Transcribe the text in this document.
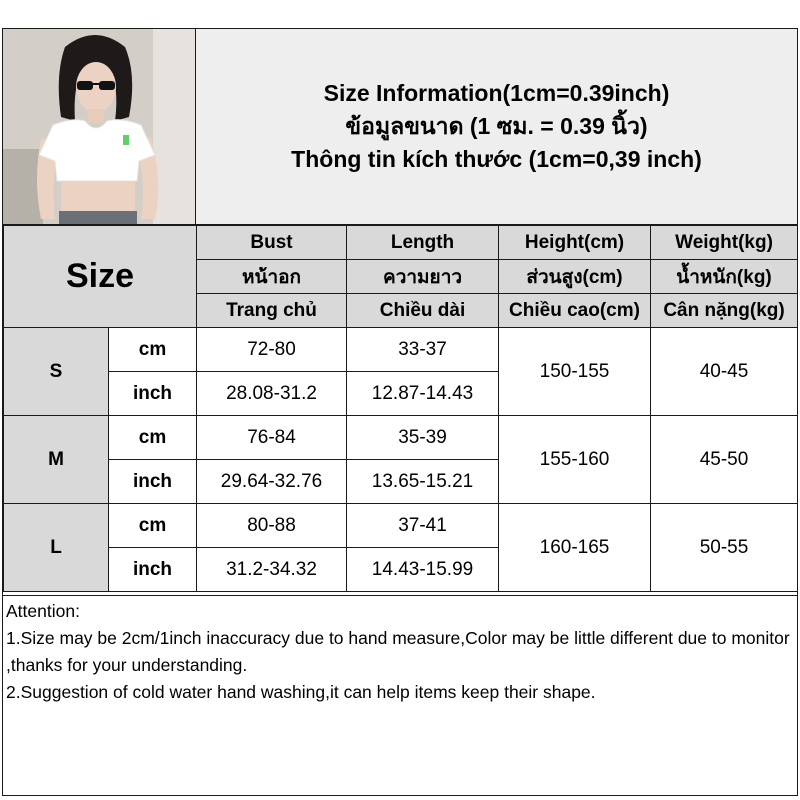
Size Information(1cm=0.39inch)
ข้อมูลขนาด (1 ซม. = 0.39 นิ้ว)
Thông tin kích thước (1cm=0,39 inch)
Size		Bust	Length	Height(cm)	Weight(kg)
		หน้าอก	ความยาว	ส่วนสูง(cm)	น้ำหนัก(kg)
		Trang chủ	Chiều dài	Chiều cao(cm)	Cân nặng(kg)
S	cm	72-80	33-37	150-155	40-45
	inch	28.08-31.2	12.87-14.43		
M	cm	76-84	35-39	155-160	45-50
	inch	29.64-32.76	13.65-15.21		
L	cm	80-88	37-41	160-165	50-55
	inch	31.2-34.32	14.43-15.99		
Attention:
1.Size may be 2cm/1inch inaccuracy due to hand measure,Color may be little different due to monitor ,thanks for your understanding.
2.Suggestion of cold water hand washing,it can help items keep their shape.
